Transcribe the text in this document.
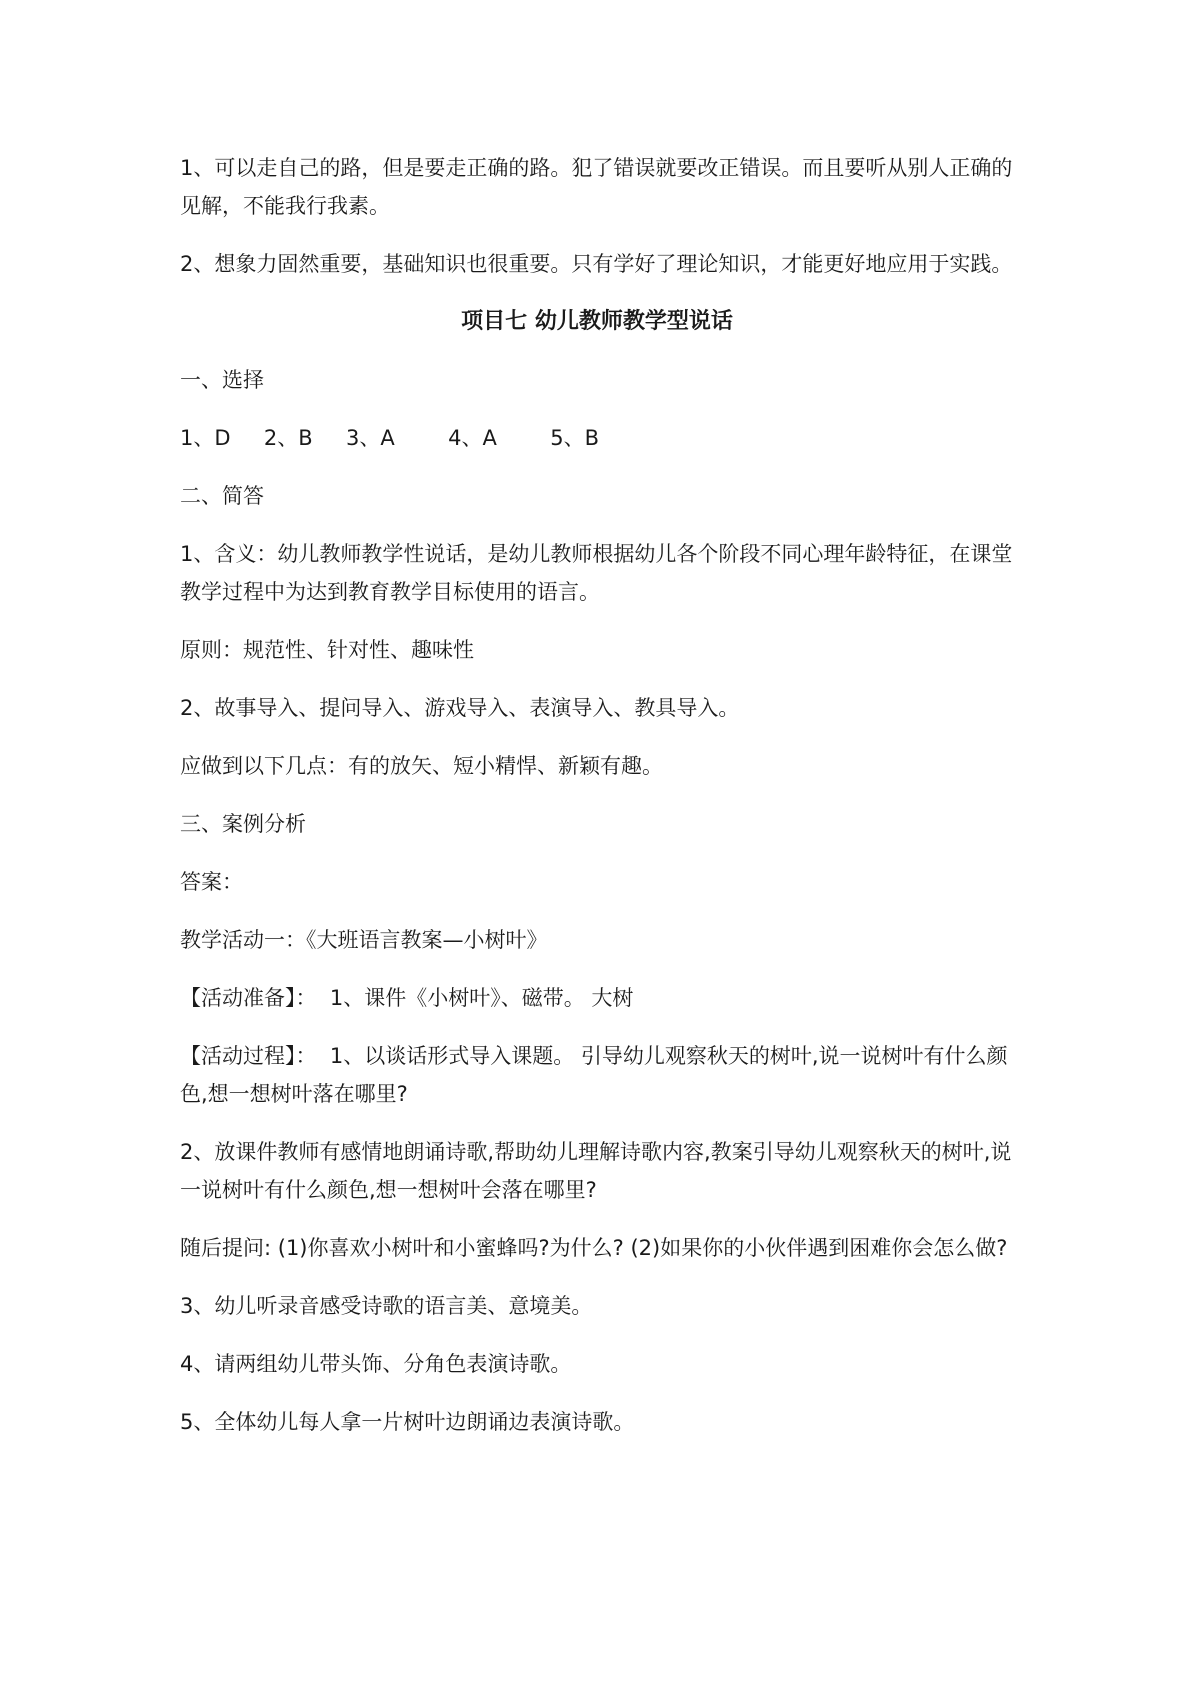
1、可以走自己的路，但是要走正确的路。犯了错误就要改正错误。而且要听从别人正确的见解，不能我行我素。

2、想象力固然重要，基础知识也很重要。只有学好了理论知识，才能更好地应用于实践。

项目七 幼儿教师教学型说话

一、选择

1、D     2、B     3、A        4、A        5、B

二、简答

1、含义：幼儿教师教学性说话，是幼儿教师根据幼儿各个阶段不同心理年龄特征，在课堂教学过程中为达到教育教学目标使用的语言。

原则：规范性、针对性、趣味性

2、故事导入、提问导入、游戏导入、表演导入、教具导入。

应做到以下几点：有的放矢、短小精悍、新颖有趣。

三、案例分析

答案：

教学活动一：《大班语言教案—小树叶》

【活动准备】：  1、课件《小树叶》、磁带。 大树

【活动过程】：  1、以谈话形式导入课题。 引导幼儿观察秋天的树叶,说一说树叶有什么颜色,想一想树叶落在哪里?

2、放课件教师有感情地朗诵诗歌,帮助幼儿理解诗歌内容,教案引导幼儿观察秋天的树叶,说一说树叶有什么颜色,想一想树叶会落在哪里?

随后提问: (1)你喜欢小树叶和小蜜蜂吗?为什么? (2)如果你的小伙伴遇到困难你会怎么做?

3、幼儿听录音感受诗歌的语言美、意境美。

4、请两组幼儿带头饰、分角色表演诗歌。

5、全体幼儿每人拿一片树叶边朗诵边表演诗歌。
